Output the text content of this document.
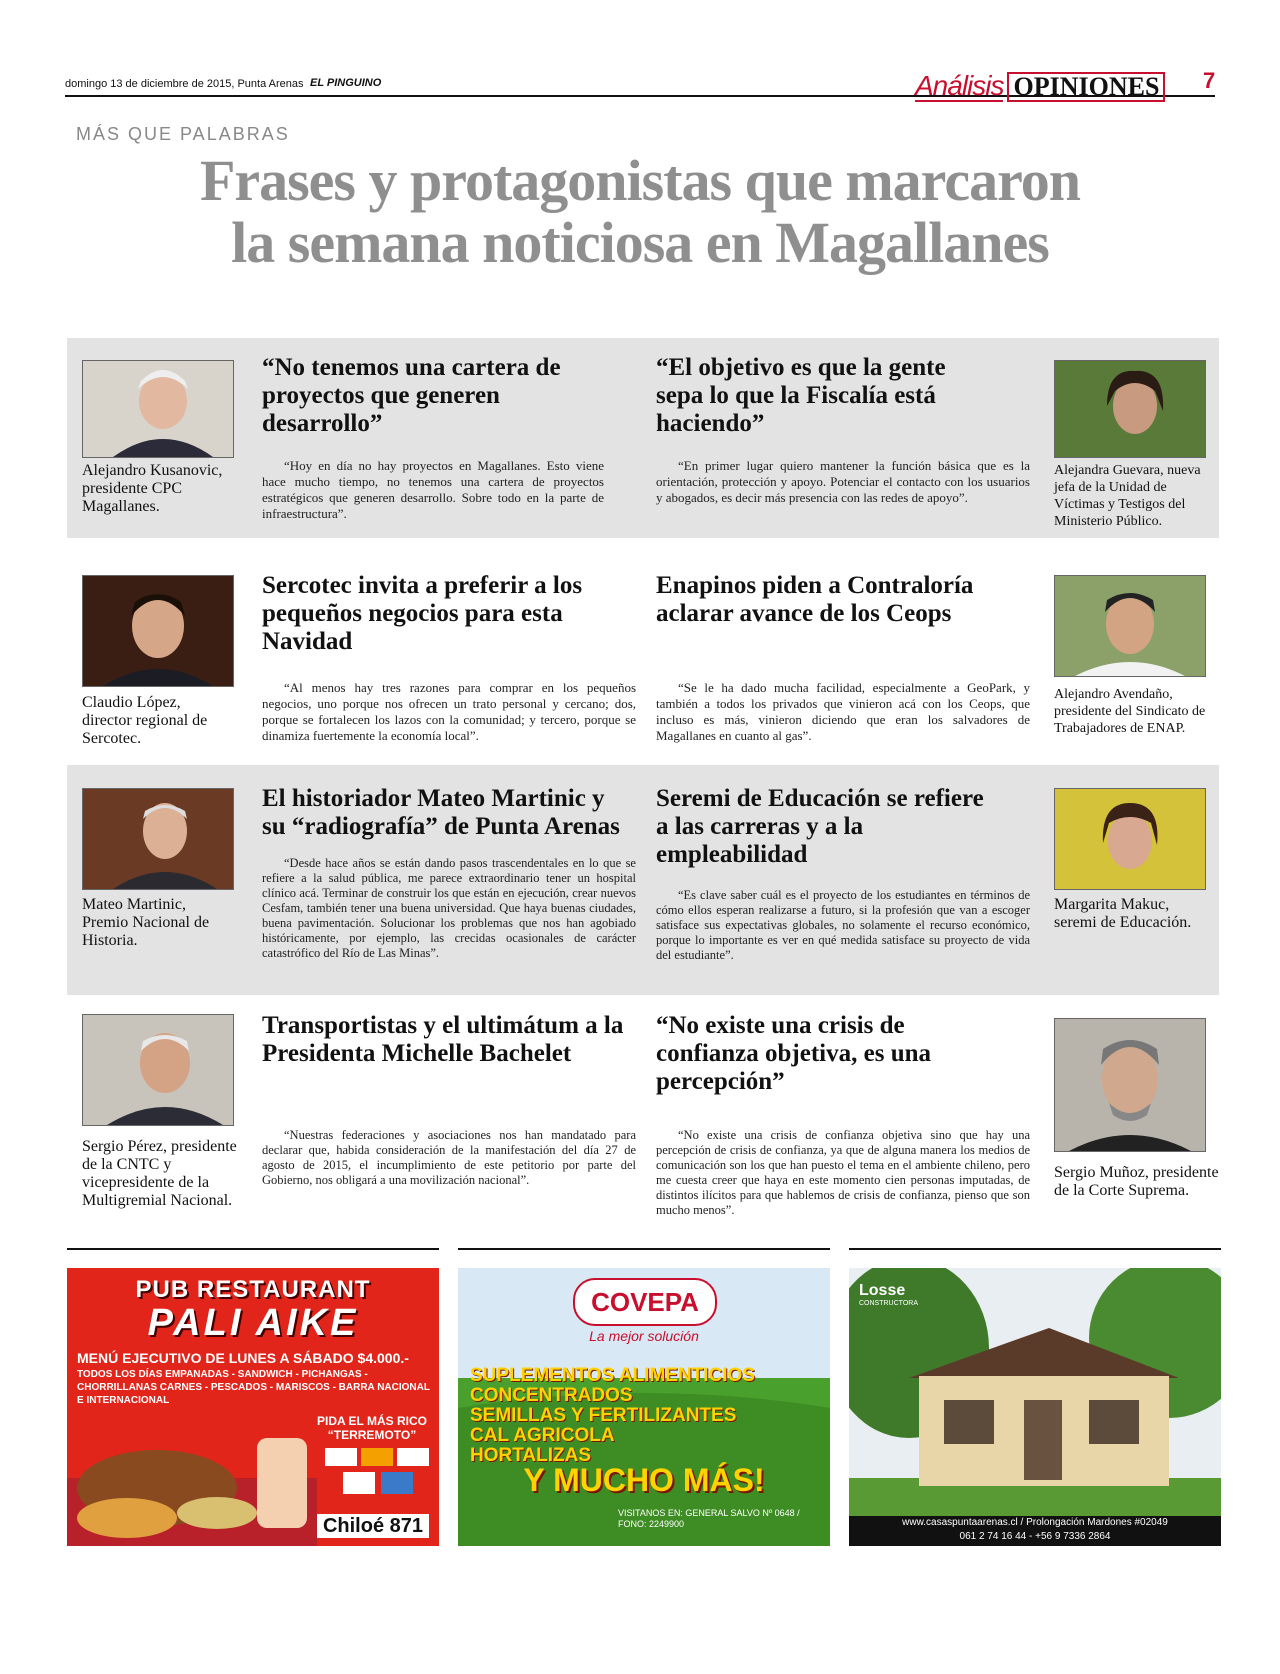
domingo 13 de diciembre de 2015, Punta Arenas EL PINGUINO	Análisis OPINIONES 7
MÁS QUE PALABRAS
Frases y protagonistas que marcaron
la semana noticiosa en Magallanes
Alejandro Kusanovic, presidente CPC Magallanes.
“No tenemos una cartera de proyectos que generen desarrollo”
“Hoy en día no hay proyectos en Magallanes. Esto viene hace mucho tiempo, no tenemos una cartera de proyectos estratégicos que generen desarrollo. Sobre todo en la parte de infraestructura”.
“El objetivo es que la gente sepa lo que la Fiscalía está haciendo”
“En primer lugar quiero mantener la función básica que es la orientación, protección y apoyo. Potenciar el contacto con los usuarios y abogados, es decir más presencia con las redes de apoyo”.
Alejandra Guevara, nueva jefa de la Unidad de Víctimas y Testigos del Ministerio Público.
Claudio López, director regional de Sercotec.
Sercotec invita a preferir a los pequeños negocios para esta Navidad
“Al menos hay tres razones para comprar en los pequeños negocios, uno porque nos ofrecen un trato personal y cercano; dos, porque se fortalecen los lazos con la comunidad; y tercero, porque se dinamiza fuertemente la economía local”.
Enapinos piden a Contraloría aclarar avance de los Ceops
“Se le ha dado mucha facilidad, especialmente a GeoPark, y también a todos los privados que vinieron acá con los Ceops, que incluso es más, vinieron diciendo que eran los salvadores de Magallanes en cuanto al gas”.
Alejandro Avendaño, presidente del Sindicato de Trabajadores de ENAP.
Mateo Martinic, Premio Nacional de Historia.
El historiador Mateo Martinic y su “radiografía” de Punta Arenas
“Desde hace años se están dando pasos trascendentales en lo que se refiere a la salud pública, me parece extraordinario tener un hospital clínico acá. Terminar de construir los que están en ejecución, crear nuevos Cesfam, también tener una buena universidad. Que haya buenas ciudades, buena pavimentación. Solucionar los problemas que nos han agobiado históricamente, por ejemplo, las crecidas ocasionales de carácter catastrófico del Río de Las Minas”.
Seremi de Educación se refiere a las carreras y a la empleabilidad
“Es clave saber cuál es el proyecto de los estudiantes en términos de cómo ellos esperan realizarse a futuro, si la profesión que van a escoger satisface sus expectativas globales, no solamente el recurso económico, porque lo importante es ver en qué medida satisface su proyecto de vida del estudiante”.
Margarita Makuc, seremi de Educación.
Sergio Pérez, presidente de la CNTC y vicepresidente de la Multigremial Nacional.
Transportistas y el ultimátum a la Presidenta Michelle Bachelet
“Nuestras federaciones y asociaciones nos han mandatado para declarar que, habida consideración de la manifestación del día 27 de agosto de 2015, el incumplimiento de este petitorio por parte del Gobierno, nos obligará a una movilización nacional”.
“No existe una crisis de confianza objetiva, es una percepción”
“No existe una crisis de confianza objetiva sino que hay una percepción de crisis de confianza, ya que de alguna manera los medios de comunicación son los que han puesto el tema en el ambiente chileno, pero me cuesta creer que haya en este momento cien personas imputadas, de distintos ilícitos para que hablemos de crisis de confianza, pienso que son mucho menos”.
Sergio Muñoz, presidente de la Corte Suprema.
PUB RESTAURANT
PALI AIKE
MENÚ EJECUTIVO DE LUNES A SÁBADO $4.000.-
TODOS LOS DÍAS EMPANADAS - SANDWICH - PICHANGAS - CHORRILLANAS CARNES - PESCADOS - MARISCOS - BARRA NACIONAL E INTERNACIONAL
PIDA EL MÁS RICO “TERREMOTO”
Chiloé 871
COVEPA
La mejor solución
SUPLEMENTOS ALIMENTICIOS
CONCENTRADOS
SEMILLAS Y FERTILIZANTES
CAL AGRICOLA
HORTALIZAS
Y MUCHO MÁS!
VISITANOS EN: GENERAL SALVO Nº 0648 / FONO: 2249900
Losse
CONSTRUCTORA
www.casaspuntaarenas.cl / Prolongación Mardones #02049
061 2 74 16 44 - +56 9 7336 2864
